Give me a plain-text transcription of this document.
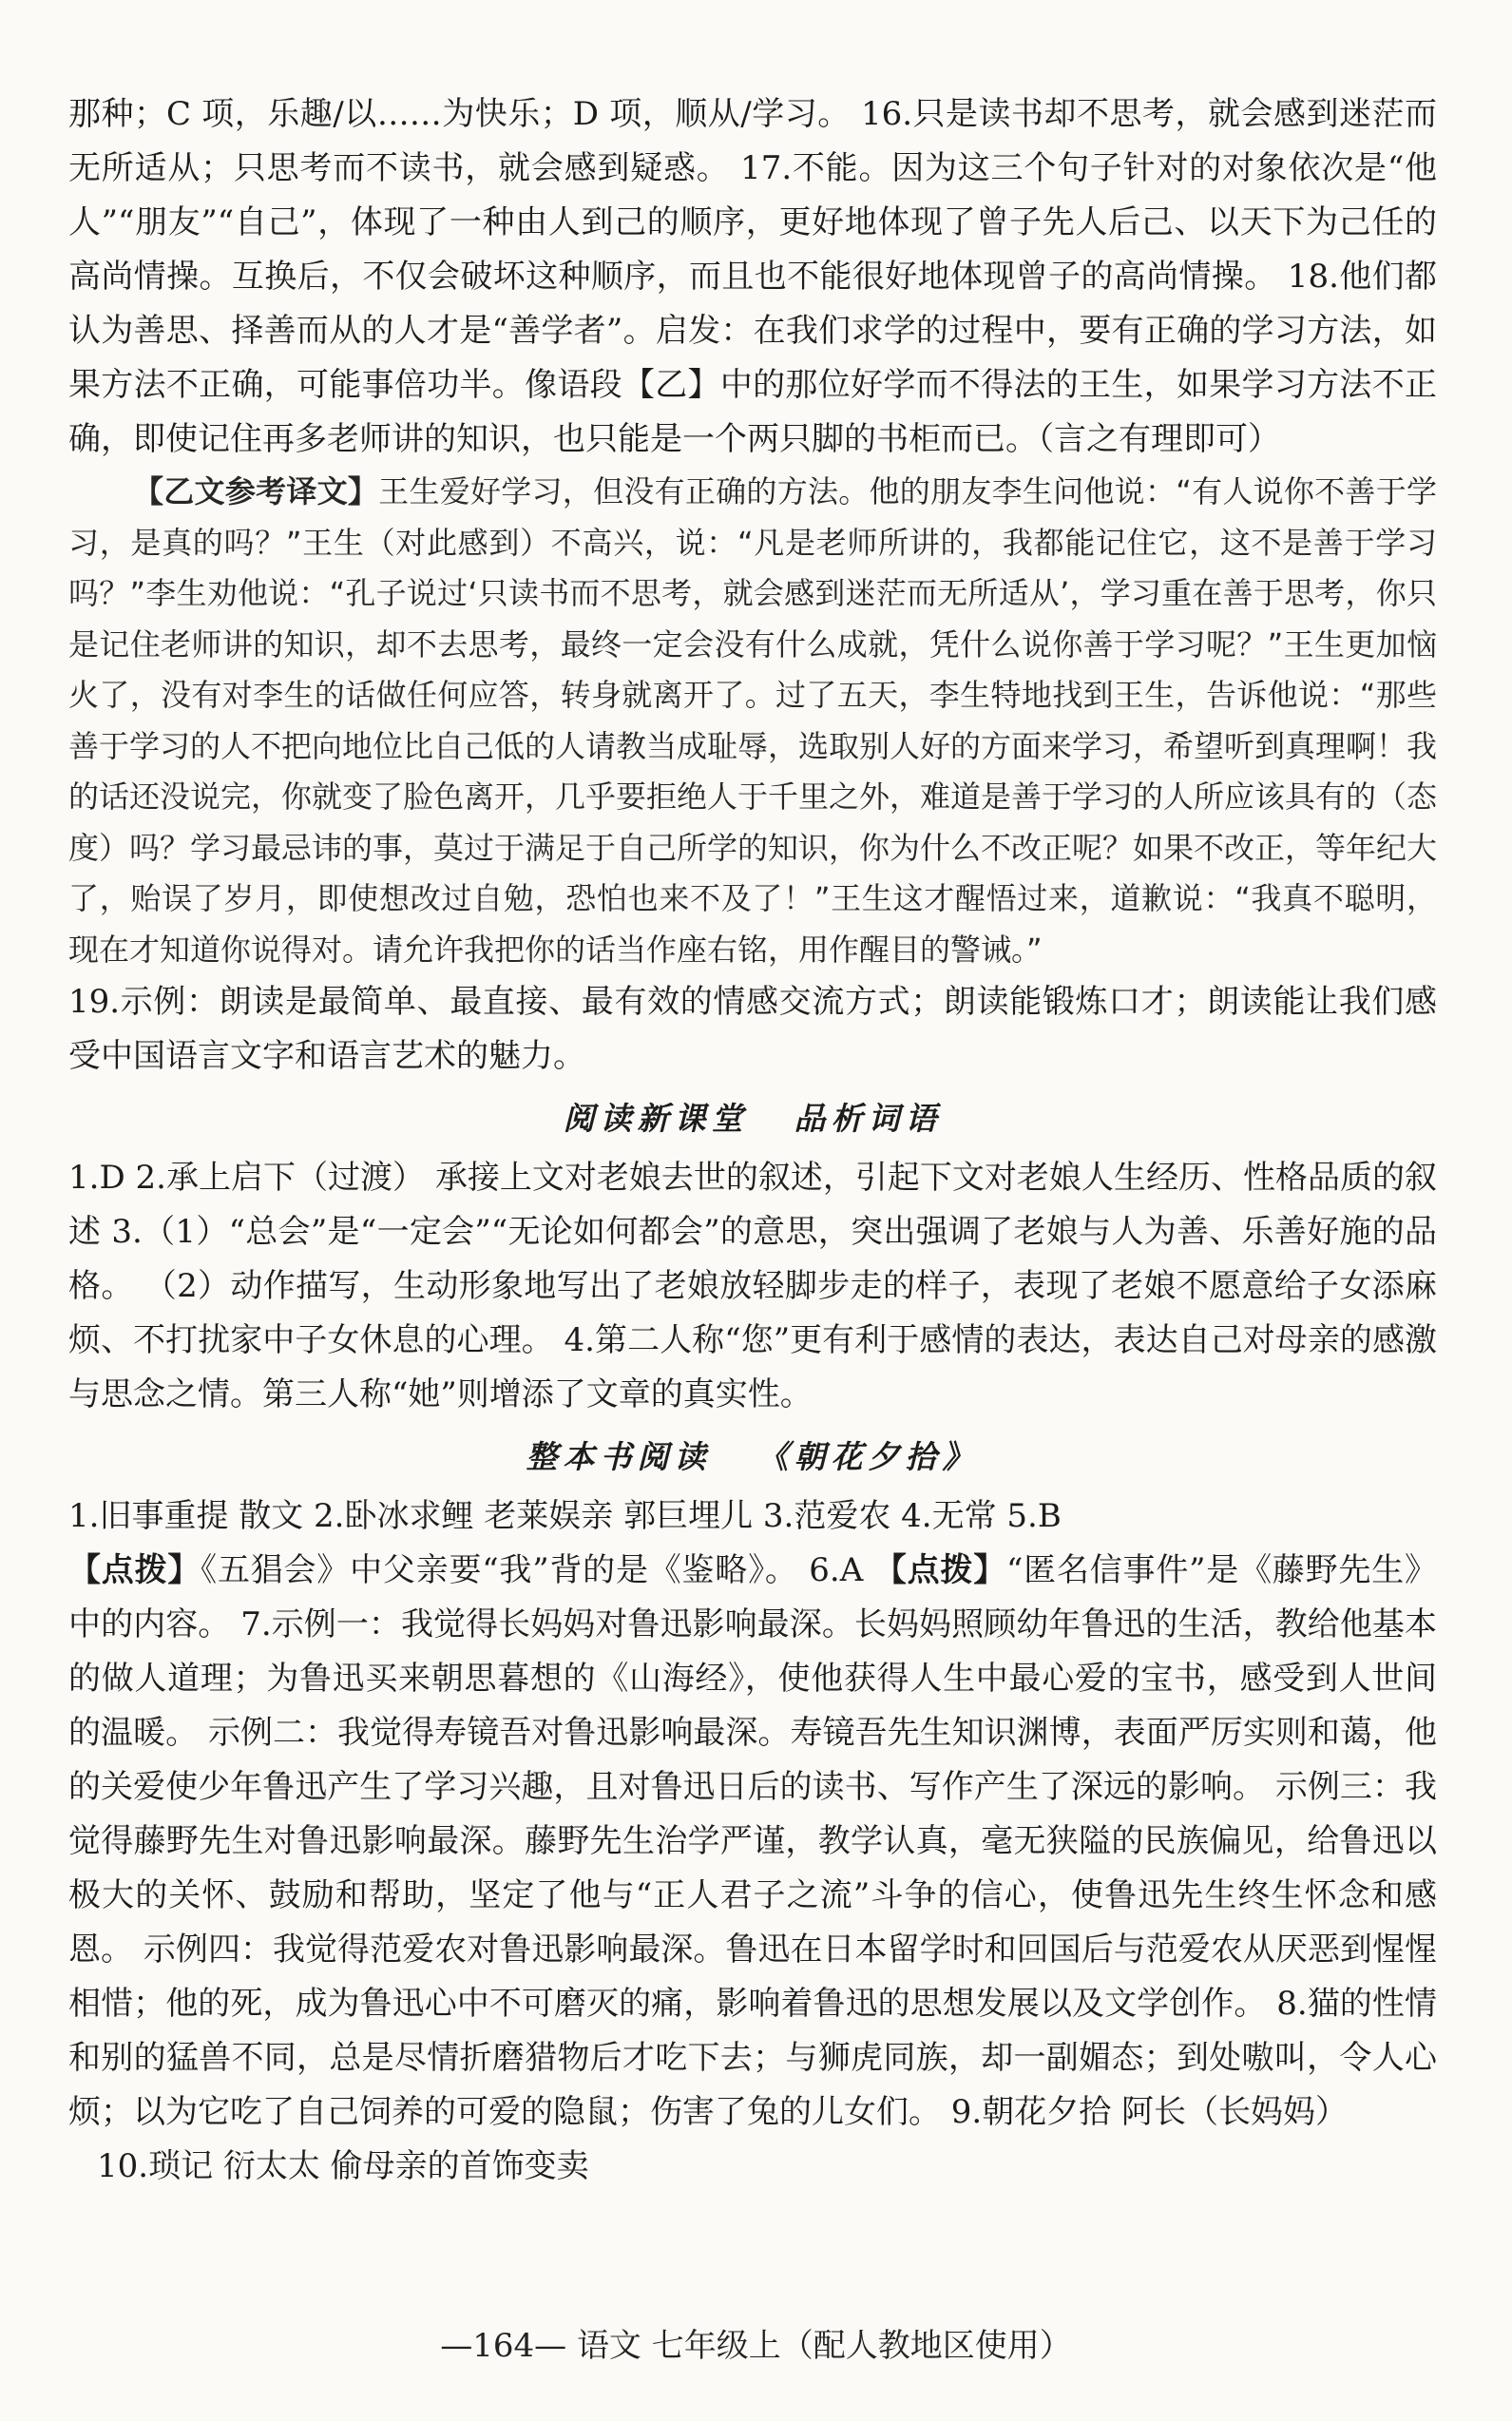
那种；C 项，乐趣/以……为快乐；D 项，顺从/学习。 16.只是读书却不思考，就会感到迷茫而无所适从；只思考而不读书，就会感到疑惑。 17.不能。因为这三个句子针对的对象依次是“他人”“朋友”“自己”，体现了一种由人到己的顺序，更好地体现了曾子先人后己、以天下为己任的高尚情操。互换后，不仅会破坏这种顺序，而且也不能很好地体现曾子的高尚情操。 18.他们都认为善思、择善而从的人才是“善学者”。启发：在我们求学的过程中，要有正确的学习方法，如果方法不正确，可能事倍功半。像语段【乙】中的那位好学而不得法的王生，如果学习方法不正确，即使记住再多老师讲的知识，也只能是一个两只脚的书柜而已。（言之有理即可）

【乙文参考译文】王生爱好学习，但没有正确的方法。他的朋友李生问他说：“有人说你不善于学习，是真的吗？”王生（对此感到）不高兴，说：“凡是老师所讲的，我都能记住它，这不是善于学习吗？”李生劝他说：“孔子说过‘只读书而不思考，就会感到迷茫而无所适从’，学习重在善于思考，你只是记住老师讲的知识，却不去思考，最终一定会没有什么成就，凭什么说你善于学习呢？”王生更加恼火了，没有对李生的话做任何应答，转身就离开了。过了五天，李生特地找到王生，告诉他说：“那些善于学习的人不把向地位比自己低的人请教当成耻辱，选取别人好的方面来学习，希望听到真理啊！我的话还没说完，你就变了脸色离开，几乎要拒绝人于千里之外，难道是善于学习的人所应该具有的（态度）吗？学习最忌讳的事，莫过于满足于自己所学的知识，你为什么不改正呢？如果不改正，等年纪大了，贻误了岁月，即使想改过自勉，恐怕也来不及了！”王生这才醒悟过来，道歉说：“我真不聪明，现在才知道你说得对。请允许我把你的话当作座右铭，用作醒目的警诫。”

19.示例：朗读是最简单、最直接、最有效的情感交流方式；朗读能锻炼口才；朗读能让我们感受中国语言文字和语言艺术的魅力。

阅读新课堂 品析词语

1.D 2.承上启下（过渡） 承接上文对老娘去世的叙述，引起下文对老娘人生经历、性格品质的叙述 3.（1）“总会”是“一定会”“无论如何都会”的意思，突出强调了老娘与人为善、乐善好施的品格。 （2）动作描写，生动形象地写出了老娘放轻脚步走的样子，表现了老娘不愿意给子女添麻烦、不打扰家中子女休息的心理。 4.第二人称“您”更有利于感情的表达，表达自己对母亲的感激与思念之情。第三人称“她”则增添了文章的真实性。

整本书阅读 《朝花夕拾》

1.旧事重提 散文 2.卧冰求鲤 老莱娱亲 郭巨埋儿 3.范爱农 4.无常 5.B

【点拨】《五猖会》中父亲要“我”背的是《鉴略》。 6.A 【点拨】“匿名信事件”是《藤野先生》中的内容。 7.示例一：我觉得长妈妈对鲁迅影响最深。长妈妈照顾幼年鲁迅的生活，教给他基本的做人道理；为鲁迅买来朝思暮想的《山海经》，使他获得人生中最心爱的宝书，感受到人世间的温暖。 示例二：我觉得寿镜吾对鲁迅影响最深。寿镜吾先生知识渊博，表面严厉实则和蔼，他的关爱使少年鲁迅产生了学习兴趣，且对鲁迅日后的读书、写作产生了深远的影响。 示例三：我觉得藤野先生对鲁迅影响最深。藤野先生治学严谨，教学认真，毫无狭隘的民族偏见，给鲁迅以极大的关怀、鼓励和帮助，坚定了他与“正人君子之流”斗争的信心，使鲁迅先生终生怀念和感恩。 示例四：我觉得范爱农对鲁迅影响最深。鲁迅在日本留学时和回国后与范爱农从厌恶到惺惺相惜；他的死，成为鲁迅心中不可磨灭的痛，影响着鲁迅的思想发展以及文学创作。 8.猫的性情和别的猛兽不同，总是尽情折磨猎物后才吃下去；与狮虎同族，却一副媚态；到处嗷叫，令人心烦；以为它吃了自己饲养的可爱的隐鼠；伤害了兔的儿女们。 9.朝花夕拾 阿长（长妈妈）

10.琐记 衍太太 偷母亲的首饰变卖

—164— 语文 七年级上（配人教地区使用）
